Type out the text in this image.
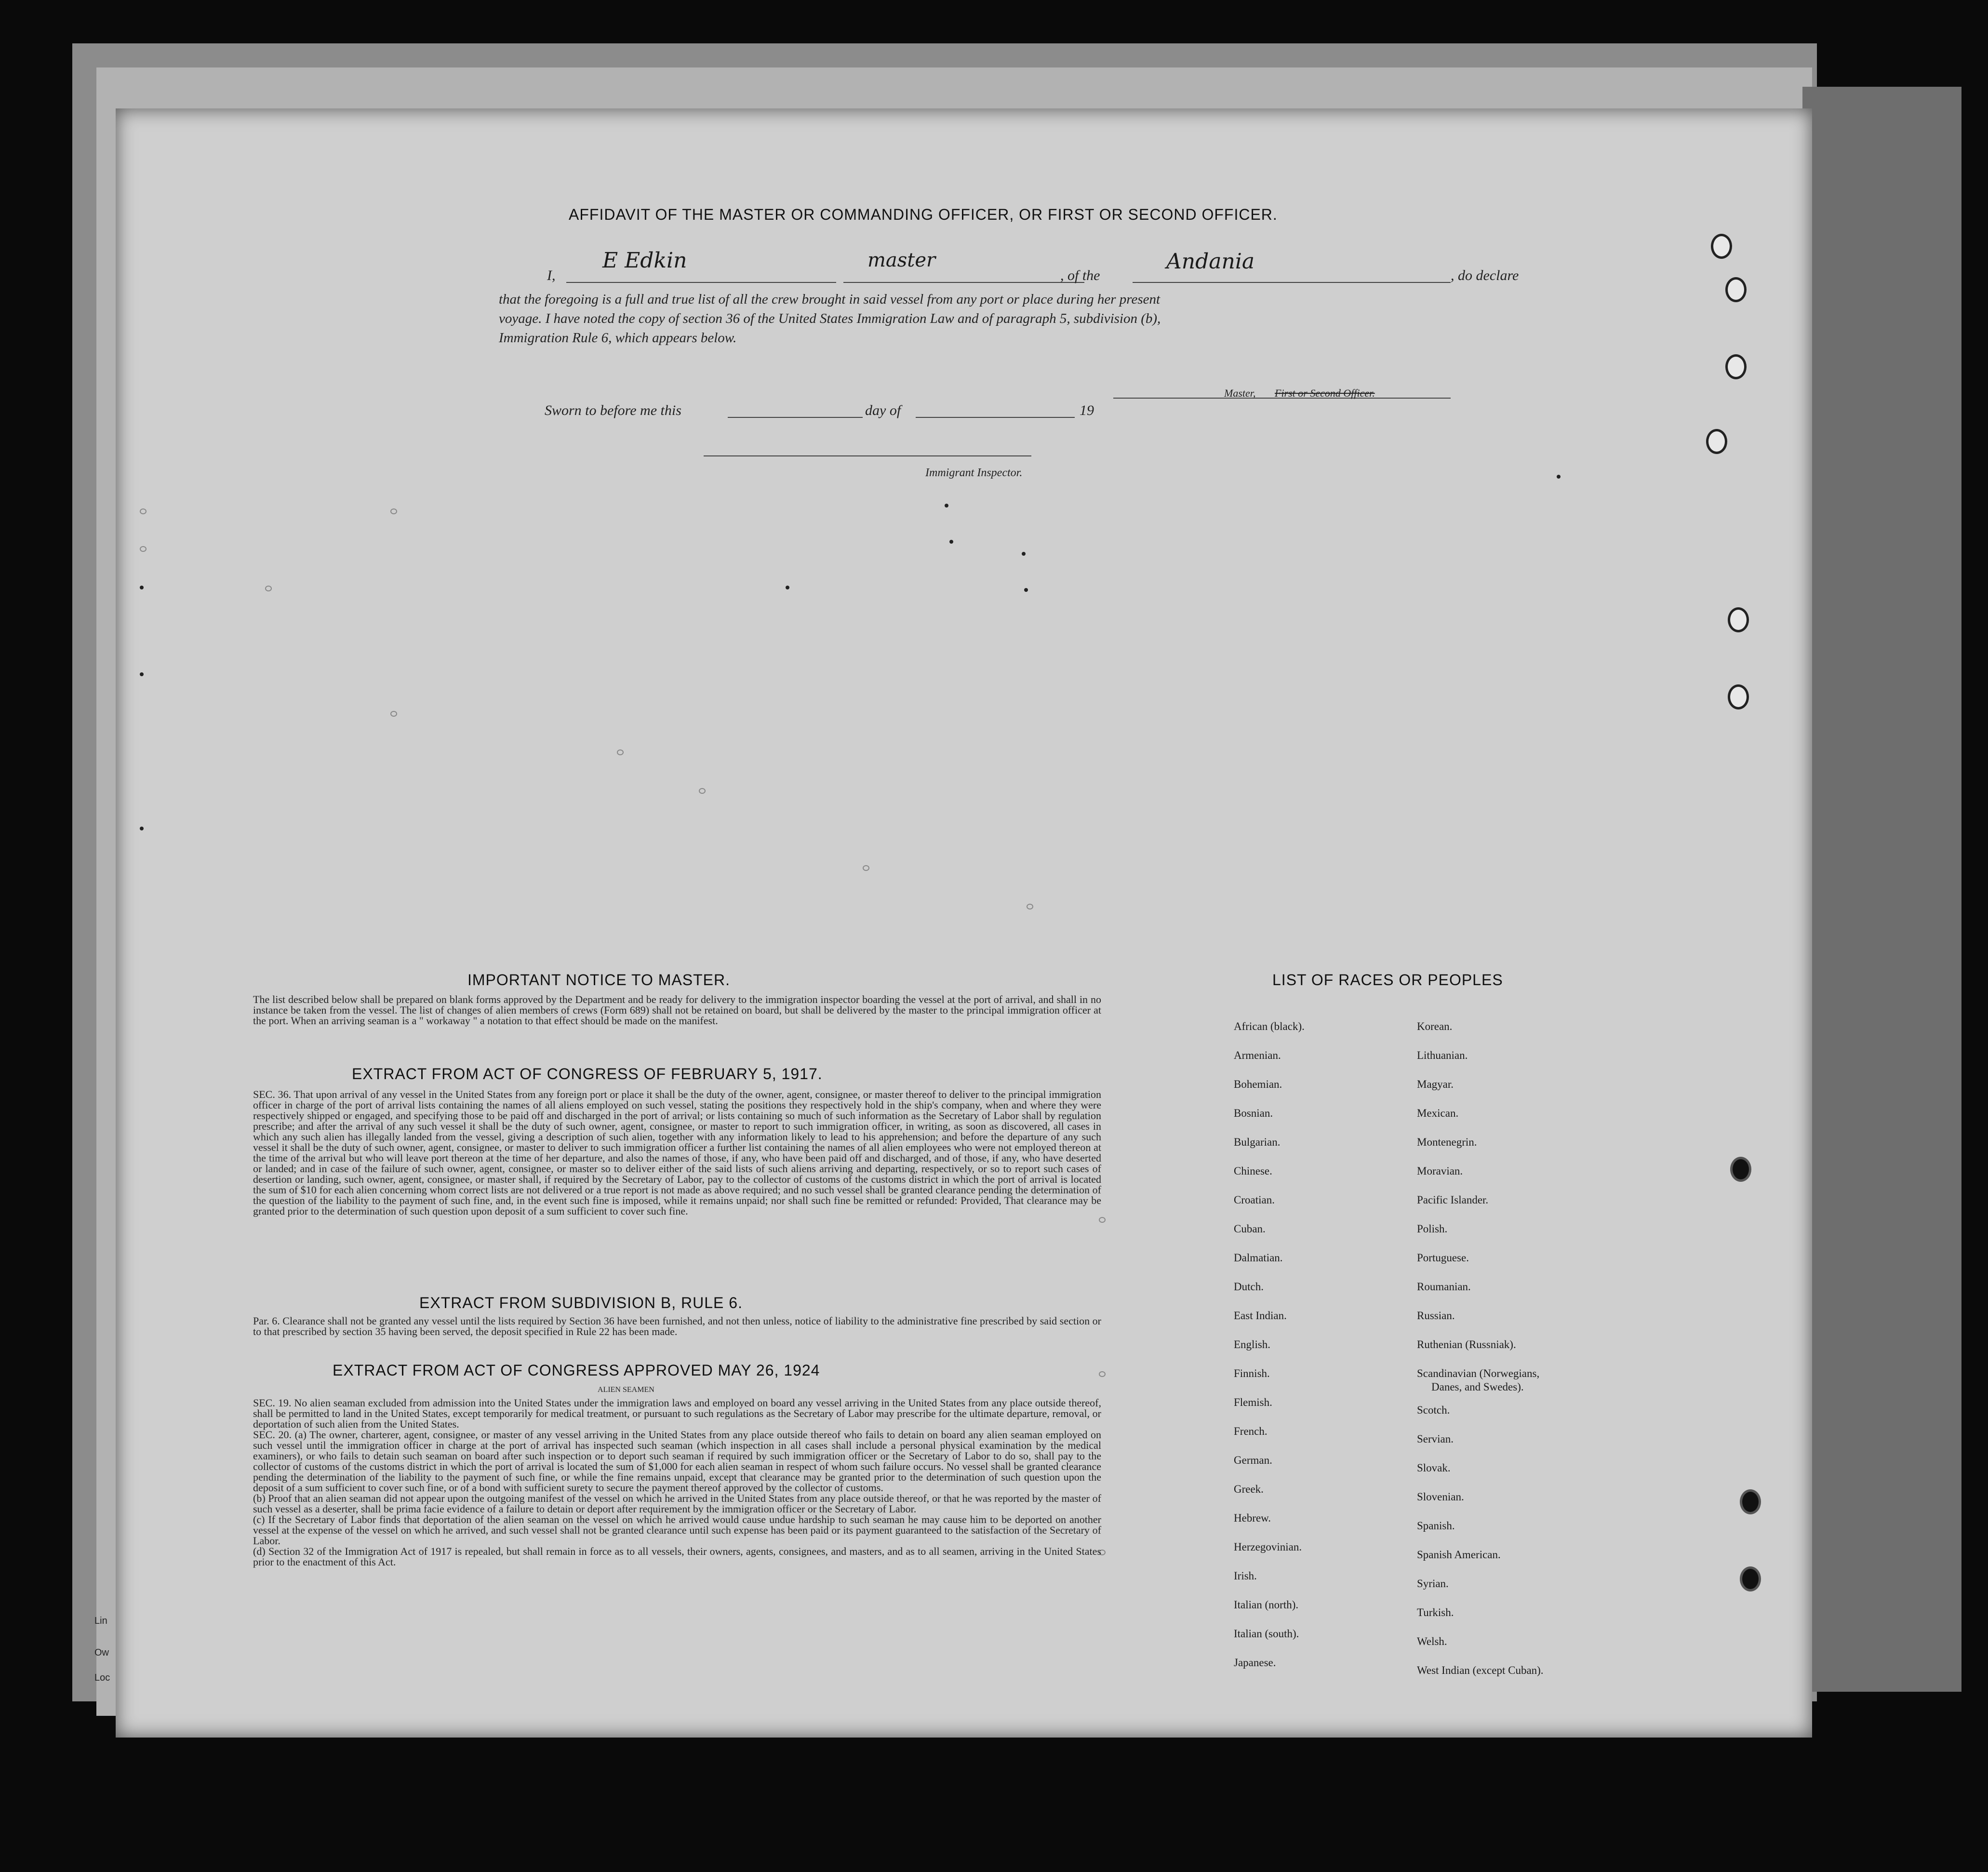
AFFIDAVIT OF THE MASTER OR COMMANDING OFFICER, OR FIRST OR SECOND OFFICER.
I,
E Edkin	master
, of the
Andania
, do declare
that the foregoing is a full and true list of all the crew brought in said vessel from any port or place during her present
voyage. I have noted the copy of section 36 of the United States Immigration Law and of paragraph 5, subdivision (b),
Immigration Rule 6, which appears below.
Master, First or Second Officer.
Sworn to before me this	day of	19
Immigrant Inspector.
IMPORTANT NOTICE TO MASTER.
The list described below shall be prepared on blank forms approved by the Department and be ready for delivery to the immigration inspector boarding the vessel at the port of arrival, and shall in no instance be taken from the vessel. The list of changes of alien members of crews (Form 689) shall not be retained on board, but shall be delivered by the master to the principal immigration officer at the port. When an arriving seaman is a " workaway " a notation to that effect should be made on the manifest.
EXTRACT FROM ACT OF CONGRESS OF FEBRUARY 5, 1917.
SEC. 36. That upon arrival of any vessel in the United States from any foreign port or place it shall be the duty of the owner, agent, consignee, or master thereof to deliver to the principal immigration officer in charge of the port of arrival lists containing the names of all aliens employed on such vessel, stating the positions they respectively hold in the ship's company, when and where they were respectively shipped or engaged, and specifying those to be paid off and discharged in the port of arrival; or lists containing so much of such information as the Secretary of Labor shall by regulation prescribe; and after the arrival of any such vessel it shall be the duty of such owner, agent, consignee, or master to report to such immigration officer, in writing, as soon as discovered, all cases in which any such alien has illegally landed from the vessel, giving a description of such alien, together with any information likely to lead to his apprehension; and before the departure of any such vessel it shall be the duty of such owner, agent, consignee, or master to deliver to such immigration officer a further list containing the names of all alien employees who were not employed thereon at the time of the arrival but who will leave port thereon at the time of her departure, and also the names of those, if any, who have been paid off and discharged, and of those, if any, who have deserted or landed; and in case of the failure of such owner, agent, consignee, or master so to deliver either of the said lists of such aliens arriving and departing, respectively, or so to report such cases of desertion or landing, such owner, agent, consignee, or master shall, if required by the Secretary of Labor, pay to the collector of customs of the customs district in which the port of arrival is located the sum of $10 for each alien concerning whom correct lists are not delivered or a true report is not made as above required; and no such vessel shall be granted clearance pending the determination of the question of the liability to the payment of such fine, and, in the event such fine is imposed, while it remains unpaid; nor shall such fine be remitted or refunded: Provided, That clearance may be granted prior to the determination of such question upon deposit of a sum sufficient to cover such fine.
EXTRACT FROM SUBDIVISION B, RULE 6.
Par. 6. Clearance shall not be granted any vessel until the lists required by Section 36 have been furnished, and not then unless, notice of liability to the administrative fine prescribed by said section or to that prescribed by section 35 having been served, the deposit specified in Rule 22 has been made.
EXTRACT FROM ACT OF CONGRESS APPROVED MAY 26, 1924
ALIEN SEAMEN
SEC. 19. No alien seaman excluded from admission into the United States under the immigration laws and employed on board any vessel arriving in the United States from any place outside thereof, shall be permitted to land in the United States, except temporarily for medical treatment, or pursuant to such regulations as the Secretary of Labor may prescribe for the ultimate departure, removal, or deportation of such alien from the United States.
SEC. 20. (a) The owner, charterer, agent, consignee, or master of any vessel arriving in the United States from any place outside thereof who fails to detain on board any alien seaman employed on such vessel until the immigration officer in charge at the port of arrival has inspected such seaman (which inspection in all cases shall include a personal physical examination by the medical examiners), or who fails to detain such seaman on board after such inspection or to deport such seaman if required by such immigration officer or the Secretary of Labor to do so, shall pay to the collector of customs of the customs district in which the port of arrival is located the sum of $1,000 for each alien seaman in respect of whom such failure occurs. No vessel shall be granted clearance pending the determination of the liability to the payment of such fine, or while the fine remains unpaid, except that clearance may be granted prior to the determination of such question upon the deposit of a sum sufficient to cover such fine, or of a bond with sufficient surety to secure the payment thereof approved by the collector of customs.
(b) Proof that an alien seaman did not appear upon the outgoing manifest of the vessel on which he arrived in the United States from any place outside thereof, or that he was reported by the master of such vessel as a deserter, shall be prima facie evidence of a failure to detain or deport after requirement by the immigration officer or the Secretary of Labor.
(c) If the Secretary of Labor finds that deportation of the alien seaman on the vessel on which he arrived would cause undue hardship to such seaman he may cause him to be deported on another vessel at the expense of the vessel on which he arrived, and such vessel shall not be granted clearance until such expense has been paid or its payment guaranteed to the satisfaction of the Secretary of Labor.
(d) Section 32 of the Immigration Act of 1917 is repealed, but shall remain in force as to all vessels, their owners, agents, consignees, and masters, and as to all seamen, arriving in the United States prior to the enactment of this Act.
LIST OF RACES OR PEOPLES
African (black).
Armenian.
Bohemian.
Bosnian.
Bulgarian.
Chinese.
Croatian.
Cuban.
Dalmatian.
Dutch.
East Indian.
English.
Finnish.
Flemish.
French.
German.
Greek.
Hebrew.
Herzegovinian.
Irish.
Italian (north).
Italian (south).
Japanese.
Korean.
Lithuanian.
Magyar.
Mexican.
Montenegrin.
Moravian.
Pacific Islander.
Polish.
Portuguese.
Roumanian.
Russian.
Ruthenian (Russniak).
Scandinavian (Norwegians,
Danes, and Swedes).
Scotch.
Servian.
Slovak.
Slovenian.
Spanish.
Spanish American.
Syrian.
Turkish.
Welsh.
West Indian (except Cuban).
Lin
Ow
Loc
